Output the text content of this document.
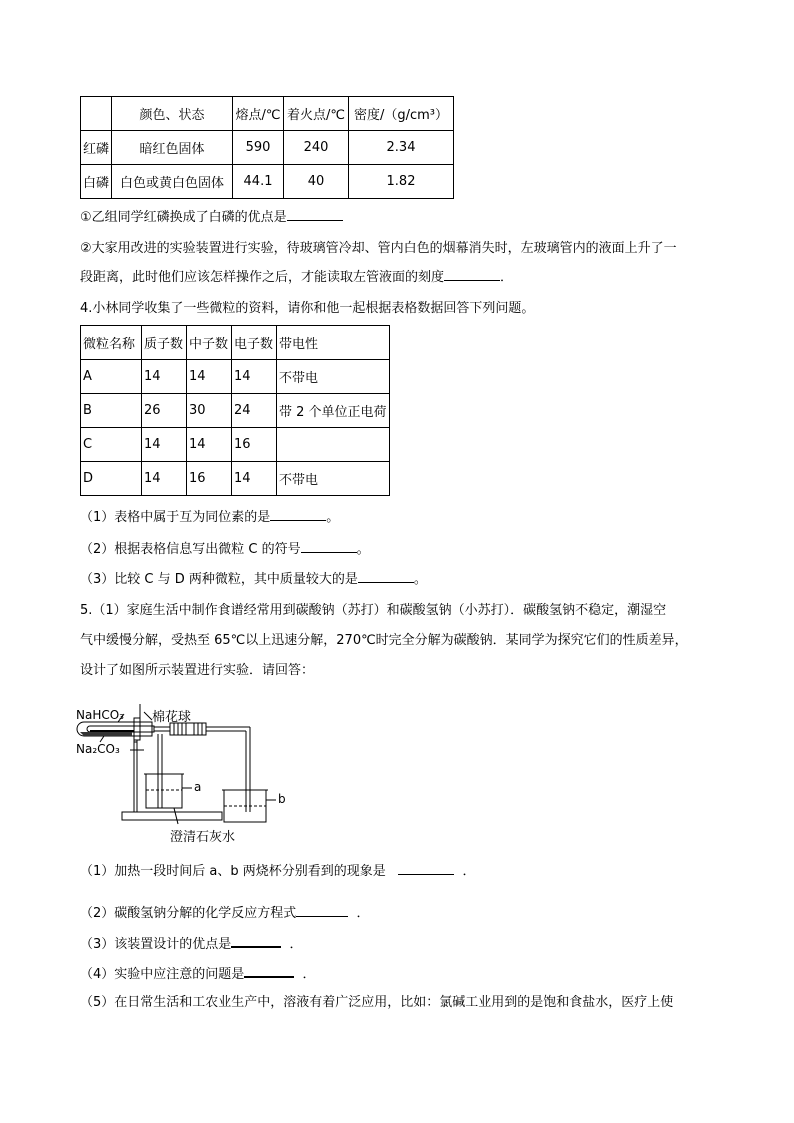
	颜色、状态	熔点/℃	着火点/℃	密度/（g/cm³）
红磷	暗红色固体	590	240	2.34
白磷	白色或黄白色固体	44.1	40	1.82
①乙组同学红磷换成了白磷的优点是
②大家用改进的实验装置进行实验，待玻璃管冷却、管内白色的烟幕消失时，左玻璃管内的液面上升了一
段距离，此时他们应该怎样操作之后，才能读取左管液面的刻度	．
4.小林同学收集了一些微粒的资料，请你和他一起根据表格数据回答下列问题。
微粒名称	质子数	中子数	电子数	带电性
A	14	14	14	不带电
B	26	30	24	带 2 个单位正电荷
C	14	14	16	
D	14	16	14	不带电
（1）表格中属于互为同位素的是	。
（2）根据表格信息写出微粒 C 的符号	。
（3）比较 C 与 D 两种微粒，其中质量较大的是	。
5.（1）家庭生活中制作食谱经常用到碳酸钠（苏打）和碳酸氢钠（小苏打）．碳酸氢钠不稳定，潮湿空
气中缓慢分解，受热至 65℃以上迅速分解，270℃时完全分解为碳酸钠．某同学为探究它们的性质差异，
设计了如图所示装置进行实验．请回答：
NaHCO₃ 棉花球
Na₂CO₃
a
b
澄清石灰水
（1）加热一段时间后 a、b 两烧杯分别看到的现象是	．
（2）碳酸氢钠分解的化学反应方程式	．
（3）该装置设计的优点是	．
（4）实验中应注意的问题是	．
（5）在日常生活和工农业生产中，溶液有着广泛应用，比如：氯碱工业用到的是饱和食盐水，医疗上使
